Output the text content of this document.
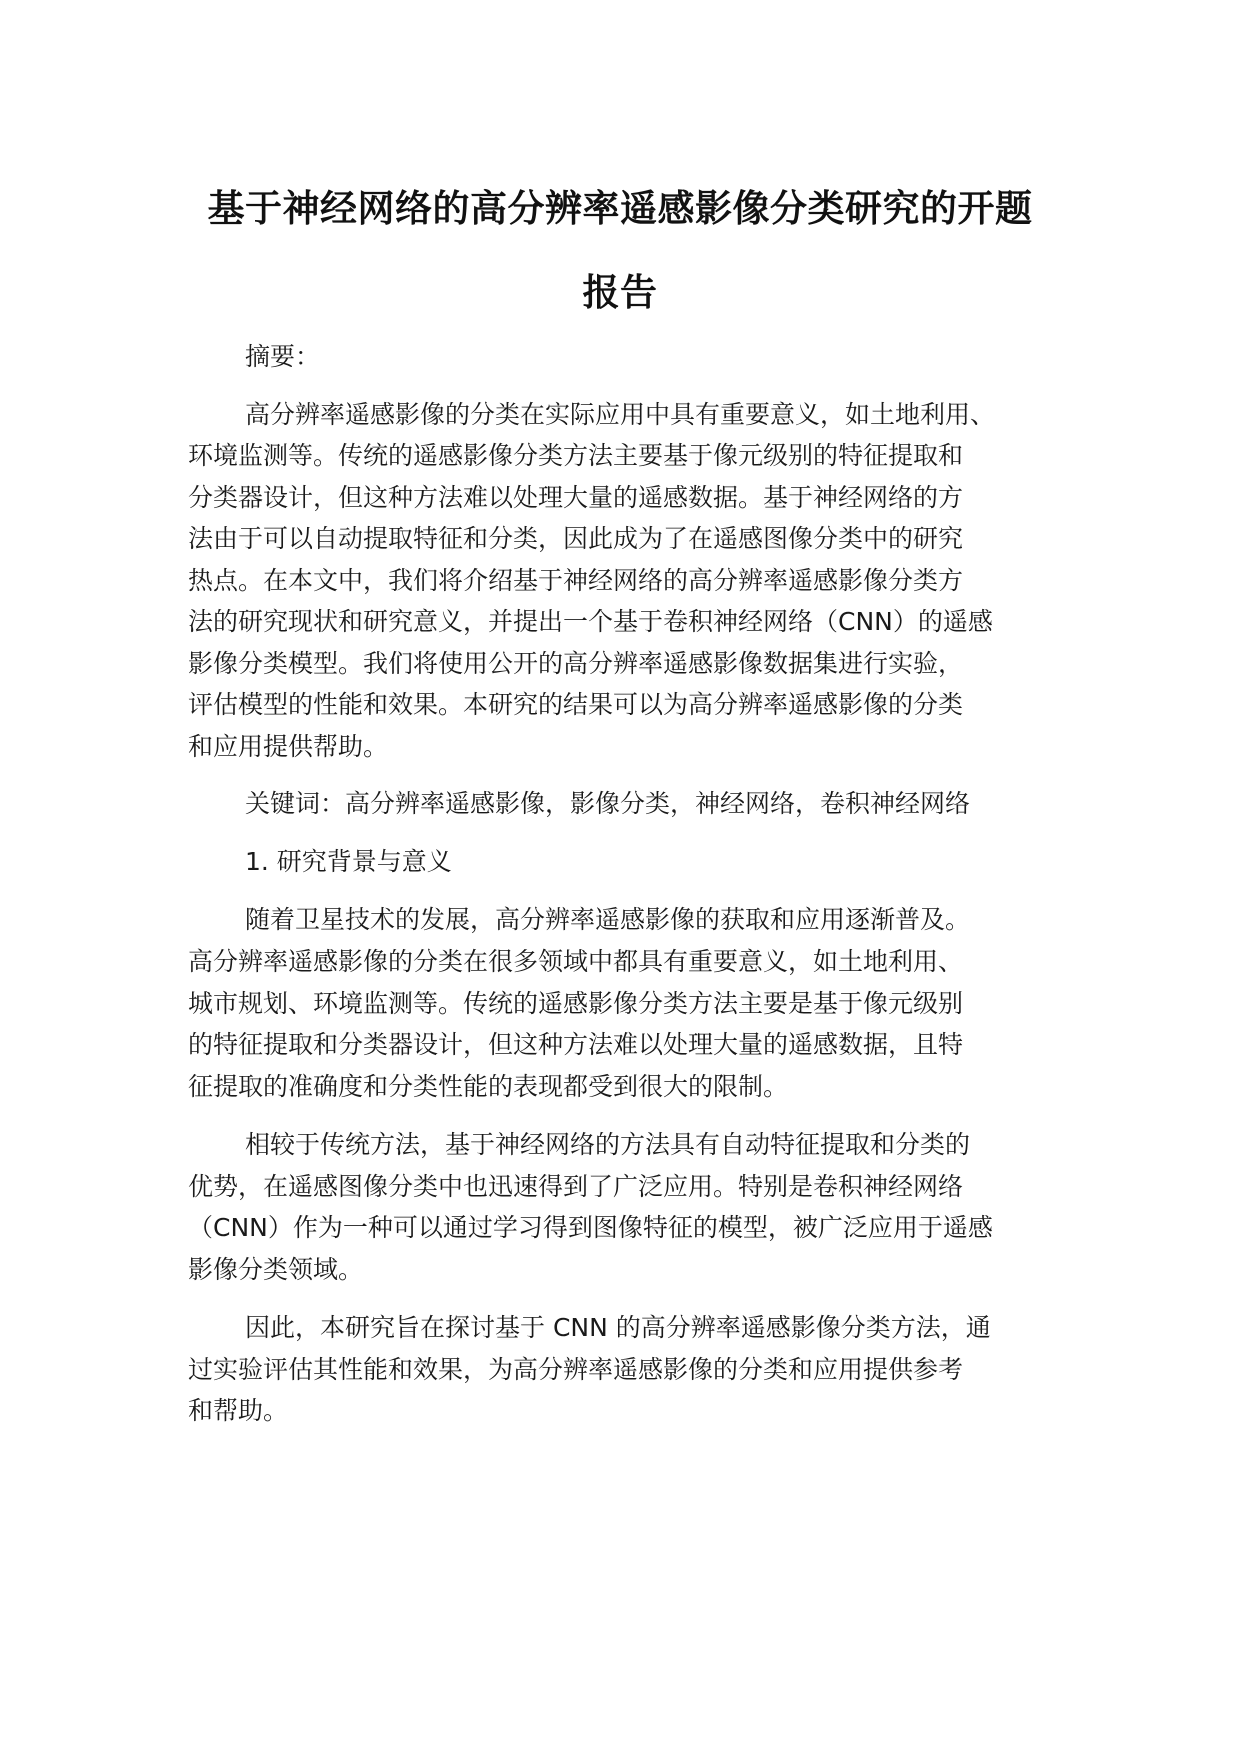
基于神经网络的高分辨率遥感影像分类研究的开题
报告
摘要：
高分辨率遥感影像的分类在实际应用中具有重要意义，如土地利用、
环境监测等。传统的遥感影像分类方法主要基于像元级别的特征提取和
分类器设计，但这种方法难以处理大量的遥感数据。基于神经网络的方
法由于可以自动提取特征和分类，因此成为了在遥感图像分类中的研究
热点。在本文中，我们将介绍基于神经网络的高分辨率遥感影像分类方
法的研究现状和研究意义，并提出一个基于卷积神经网络（CNN）的遥感
影像分类模型。我们将使用公开的高分辨率遥感影像数据集进行实验，
评估模型的性能和效果。本研究的结果可以为高分辨率遥感影像的分类
和应用提供帮助。
关键词：高分辨率遥感影像，影像分类，神经网络，卷积神经网络
1. 研究背景与意义
随着卫星技术的发展，高分辨率遥感影像的获取和应用逐渐普及。
高分辨率遥感影像的分类在很多领域中都具有重要意义，如土地利用、
城市规划、环境监测等。传统的遥感影像分类方法主要是基于像元级别
的特征提取和分类器设计，但这种方法难以处理大量的遥感数据，且特
征提取的准确度和分类性能的表现都受到很大的限制。
相较于传统方法，基于神经网络的方法具有自动特征提取和分类的
优势，在遥感图像分类中也迅速得到了广泛应用。特别是卷积神经网络
（CNN）作为一种可以通过学习得到图像特征的模型，被广泛应用于遥感
影像分类领域。
因此，本研究旨在探讨基于 CNN 的高分辨率遥感影像分类方法，通
过实验评估其性能和效果，为高分辨率遥感影像的分类和应用提供参考
和帮助。
